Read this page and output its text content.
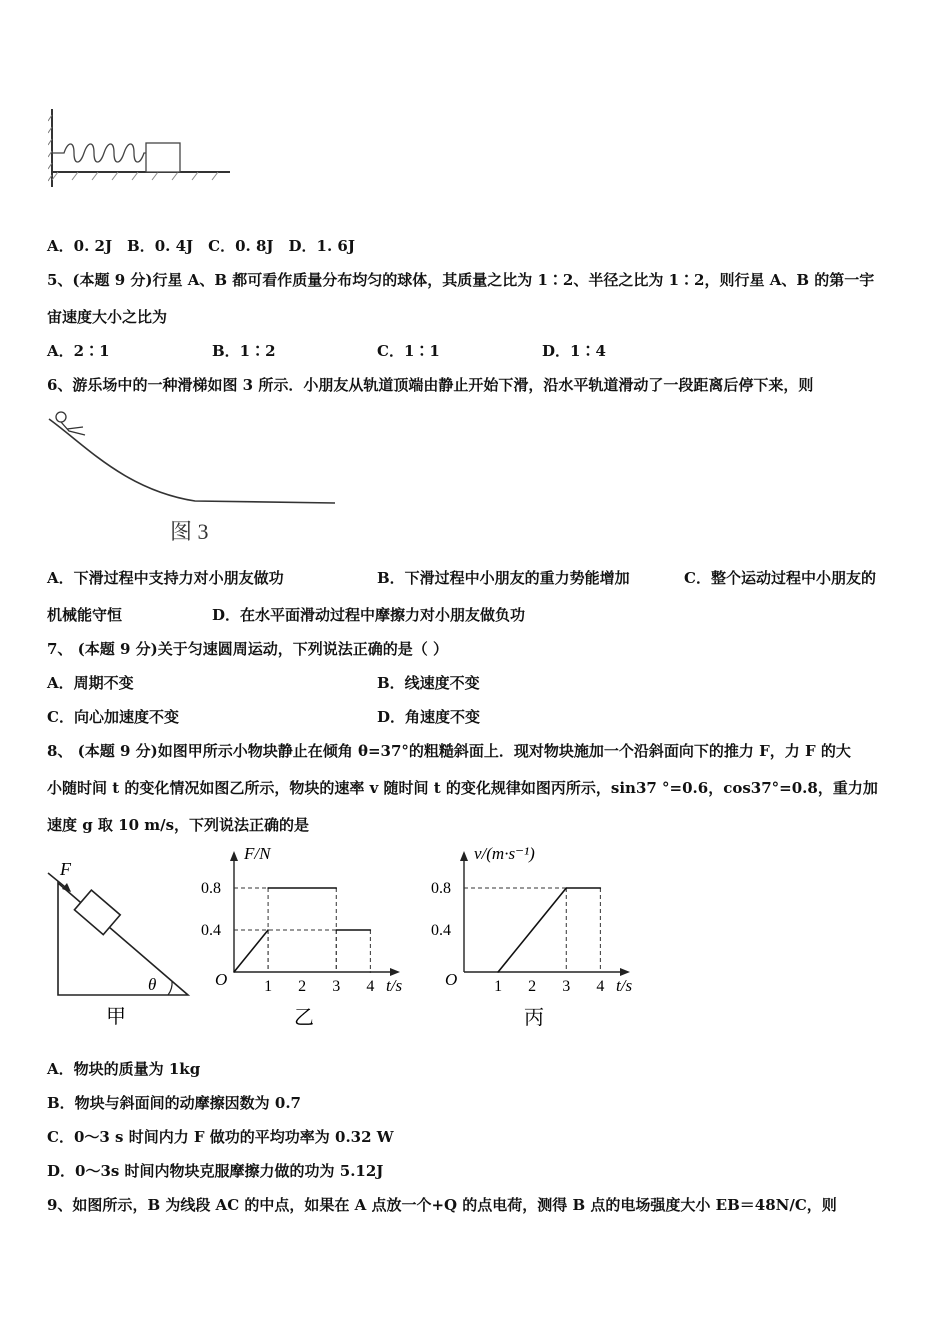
A．0. 2J　B．0. 4J　C．0. 8J　D．1. 6J
5、(本题 9 分)行星 A、B 都可看作质量分布均匀的球体，其质量之比为 1∶2、半径之比为 1∶2，则行星 A、B 的第一宇
宙速度大小之比为
A．2∶1	B．1∶2	C．1∶1	D．1∶4
6、游乐场中的一种滑梯如图 3 所示．小朋友从轨道顶端由静止开始下滑，沿水平轨道滑动了一段距离后停下来，则
图 3
A．下滑过程中支持力对小朋友做功	B．下滑过程中小朋友的重力势能增加	C．整个运动过程中小朋友的
机械能守恒	D．在水平面滑动过程中摩擦力对小朋友做负功
7、 (本题 9 分)关于匀速圆周运动，下列说法正确的是（ ）
A．周期不变	B．线速度不变
C．向心加速度不变	D．角速度不变
8、 (本题 9 分)如图甲所示小物块静止在倾角 θ=37°的粗糙斜面上．现对物块施加一个沿斜面向下的推力 F，力 F 的大
小随时间 t 的变化情况如图乙所示，物块的速率 v 随时间 t 的变化规律如图丙所示，sin37 °=0.6，cos37°=0.8，重力加
速度 g 取 10 m/s，下列说法正确的是
F
θ
甲
F/N
t/s
O 1 2 3 4
0.4
0.8
乙
v/(m·s⁻¹)
t/s
O 1 2 3 4
0.4
0.8
丙
A．物块的质量为 1kg
B．物块与斜面间的动摩擦因数为 0.7
C．0～3 s 时间内力 F 做功的平均功率为 0.32 W
D．0～3s 时间内物块克服摩擦力做的功为 5.12J
9、如图所示，B 为线段 AC 的中点，如果在 A 点放一个+Q 的点电荷，测得 B 点的电场强度大小 EB＝48N/C，则
